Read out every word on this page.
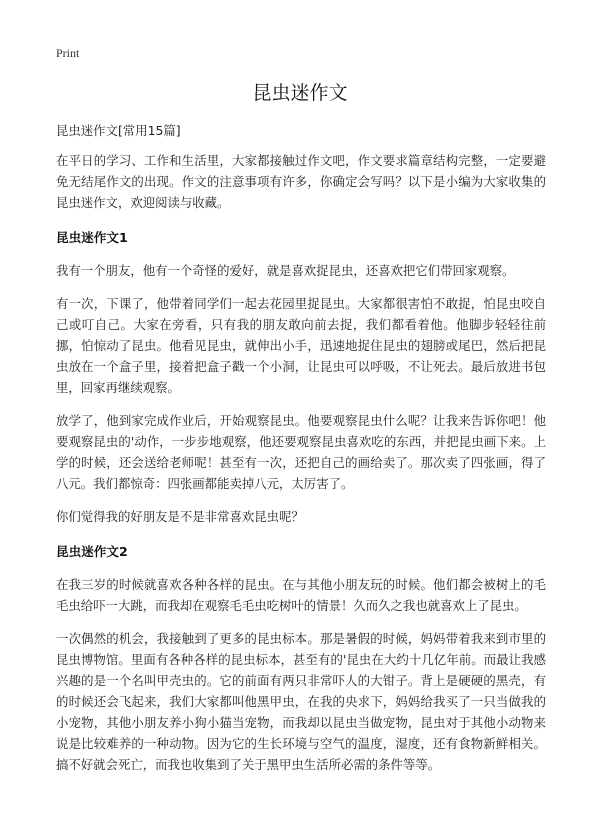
Print
昆虫迷作文

昆虫迷作文[常用15篇]

在平日的学习、工作和生活里，大家都接触过作文吧，作文要求篇章结构完整，一定要避免无结尾作文的出现。作文的注意事项有许多，你确定会写吗？以下是小编为大家收集的昆虫迷作文，欢迎阅读与收藏。

昆虫迷作文1

我有一个朋友，他有一个奇怪的爱好，就是喜欢捉昆虫，还喜欢把它们带回家观察。

有一次，下课了，他带着同学们一起去花园里捉昆虫。大家都很害怕不敢捉，怕昆虫咬自己或叮自己。大家在旁看，只有我的朋友敢向前去捉，我们都看着他。他脚步轻轻往前挪，怕惊动了昆虫。他看见昆虫，就伸出小手，迅速地捉住昆虫的翅膀或尾巴，然后把昆虫放在一个盒子里，接着把盒子戳一个小洞，让昆虫可以呼吸，不让死去。最后放进书包里，回家再继续观察。

放学了，他到家完成作业后，开始观察昆虫。他要观察昆虫什么呢？让我来告诉你吧！他要观察昆虫的'动作，一步步地观察，他还要观察昆虫喜欢吃的东西，并把昆虫画下来。上学的时候，还会送给老师呢！甚至有一次，还把自己的画给卖了。那次卖了四张画，得了八元。我们都惊奇：四张画都能卖掉八元，太厉害了。

你们觉得我的好朋友是不是非常喜欢昆虫呢？

昆虫迷作文2

在我三岁的时候就喜欢各种各样的昆虫。在与其他小朋友玩的时候。他们都会被树上的毛毛虫给吓一大跳，而我却在观察毛毛虫吃树叶的情景！久而久之我也就喜欢上了昆虫。

一次偶然的机会，我接触到了更多的昆虫标本。那是暑假的时候，妈妈带着我来到市里的昆虫博物馆。里面有各种各样的昆虫标本，甚至有的'昆虫在大约十几亿年前。而最让我感兴趣的是一个名叫甲壳虫的。它的前面有两只非常吓人的大钳子。背上是硬硬的黑壳，有的时候还会飞起来，我们大家都叫他黑甲虫，在我的央求下，妈妈给我买了一只当做我的小宠物，其他小朋友养小狗小猫当宠物，而我却以昆虫当做宠物，昆虫对于其他小动物来说是比较难养的一种动物。因为它的生长环境与空气的温度，湿度，还有食物新鲜相关。搞不好就会死亡，而我也收集到了关于黑甲虫生活所必需的条件等等。
